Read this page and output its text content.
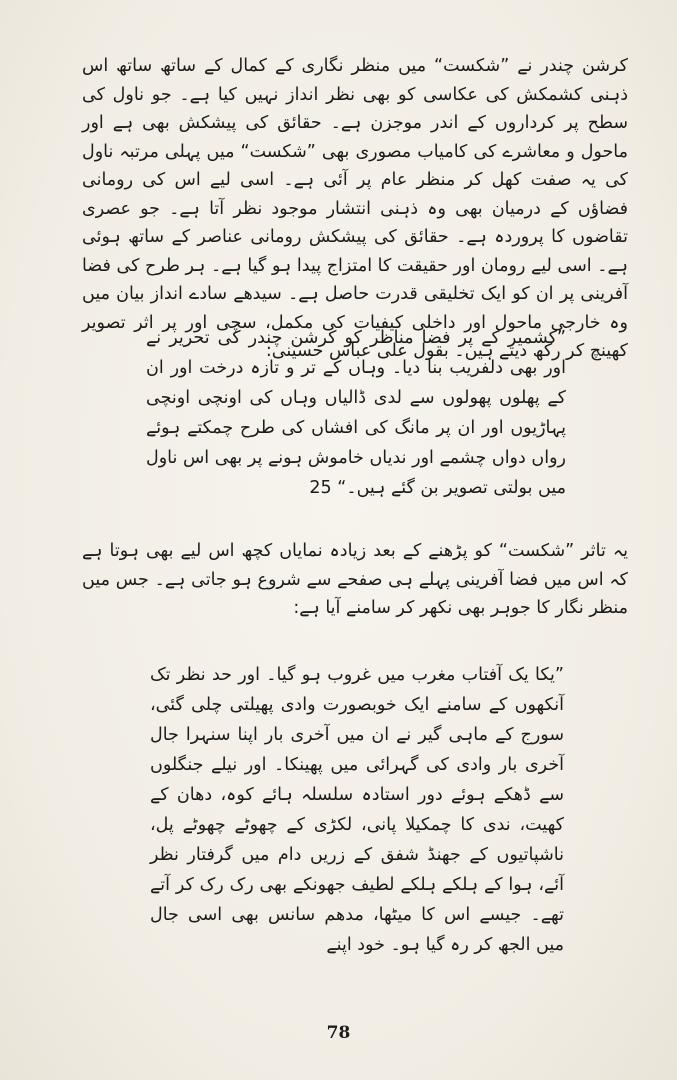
کرشن چندر نے ”شکست“ میں منظر نگاری کے کمال کے ساتھ ساتھ اس ذہنی کشمکش کی عکاسی کو بھی نظر انداز نہیں کیا ہے۔ جو ناول کی سطح پر کرداروں کے اندر موجزن ہے۔ حقائق کی پیشکش بھی ہے اور ماحول و معاشرے کی کامیاب مصوری بھی ”شکست“ میں پہلی مرتبہ ناول کی یہ صفت کھل کر منظر عام پر آئی ہے۔ اسی لیے اس کی رومانی فضاؤں کے درمیان بھی وہ ذہنی انتشار موجود نظر آتا ہے۔ جو عصری تقاضوں کا پروردہ ہے۔ حقائق کی پیشکش رومانی عناصر کے ساتھ ہوئی ہے۔ اسی لیے رومان اور حقیقت کا امتزاج پیدا ہو گیا ہے۔ ہر طرح کی فضا آفرینی پر ان کو ایک تخلیقی قدرت حاصل ہے۔ سیدھے سادے انداز بیان میں وہ خارجی ماحول اور داخلی کیفیات کی مکمل، سچی اور پر اثر تصویر کھینچ کر رکھ دیتے ہیں۔ بقول علی عباس حسینی:
”کشمیر کے پر فضا مناظر کو کرشن چندر کی تحریر نے اور بھی دلفریب بنا دیا۔ وہاں کے تر و تازہ درخت اور ان کے پھلوں پھولوں سے لدی ڈالیاں وہاں کی اونچی اونچی پہاڑیوں اور ان پر مانگ کی افشاں کی طرح چمکتے ہوئے رواں دواں چشمے اور ندیاں خاموش ہونے پر بھی اس ناول میں بولتی تصویر بن گئے ہیں۔“ 25
یہ تاثر ”شکست“ کو پڑھنے کے بعد زیادہ نمایاں کچھ اس لیے بھی ہوتا ہے کہ اس میں فضا آفرینی پہلے ہی صفحے سے شروع ہو جاتی ہے۔ جس میں منظر نگار کا جوہر بھی نکھر کر سامنے آیا ہے:
”یکا یک آفتاب مغرب میں غروب ہو گیا۔ اور حد نظر تک آنکھوں کے سامنے ایک خوبصورت وادی پھیلتی چلی گئی، سورج کے ماہی گیر نے ان میں آخری بار اپنا سنہرا جال آخری بار وادی کی گہرائی میں پھینکا۔ اور نیلے جنگلوں سے ڈھکے ہوئے دور استادہ سلسلہ ہائے کوہ، دھان کے کھیت، ندی کا چمکیلا پانی، لکڑی کے چھوٹے چھوٹے پل، ناشپاتیوں کے جھنڈ شفق کے زریں دام میں گرفتار نظر آئے، ہوا کے ہلکے ہلکے لطیف جھونکے بھی رک رک کر آتے تھے۔ جیسے اس کا میٹھا، مدھم سانس بھی اسی جال میں الجھ کر رہ گیا ہو۔ خود اپنے
78
